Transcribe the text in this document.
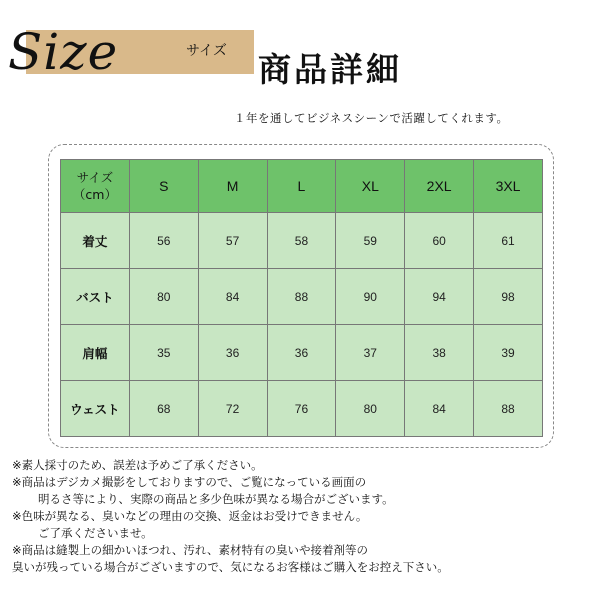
Size	サイズ 商品詳細
１年を通してビジネスシーンで活躍してくれます。
サイズ
（cm）	S	M	L	XL	2XL	3XL
着丈	56	57	58	59	60	61
バスト	80	84	88	90	94	98
肩幅	35	36	36	37	38	39
ウェスト	68	72	76	80	84	88

※素人採寸のため、誤差は予めご了承ください。

※商品はデジカメ撮影をしておりますので、ご覧になっている画面の

明るさ等により、実際の商品と多少色味が異なる場合がございます。

※色味が異なる、臭いなどの理由の交換、返金はお受けできません。

ご了承くださいませ。

※商品は縫製上の細かいほつれ、汚れ、素材特有の臭いや接着剤等の

臭いが残っている場合がございますので、気になるお客様はご購入をお控え下さい。
